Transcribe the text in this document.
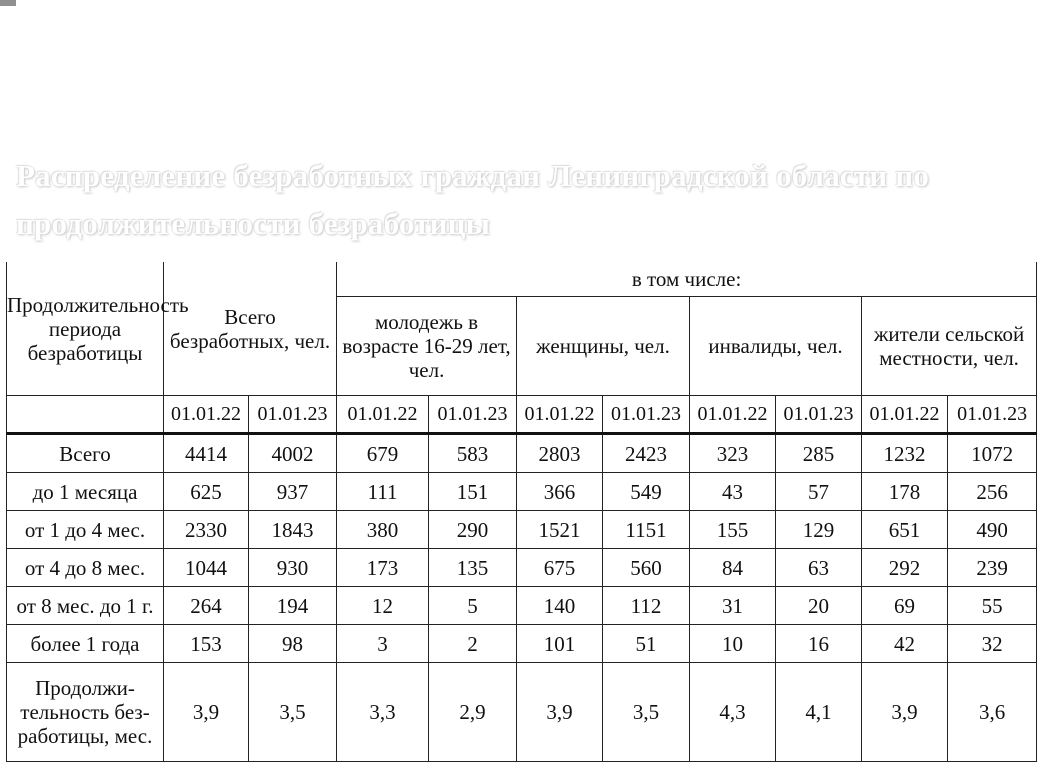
Распределение безработных граждан Ленинградской области по продолжительности безработицы
Продолжительность периода безработицы	Всего безработных, чел.		в том числе:							
			молодежь в возрасте 16-29 лет, чел.		женщины, чел.		инвалиды, чел.		жители сельской местности, чел.	
	01.01.22	01.01.23	01.01.22	01.01.23	01.01.22	01.01.23	01.01.22	01.01.23	01.01.22	01.01.23
Всего	4414	4002	679	583	2803	2423	323	285	1232	1072
до 1 месяца	625	937	111	151	366	549	43	57	178	256
от 1 до 4 мес.	2330	1843	380	290	1521	1151	155	129	651	490
от 4 до 8 мес.	1044	930	173	135	675	560	84	63	292	239
от 8 мес. до 1 г.	264	194	12	5	140	112	31	20	69	55
более 1 года	153	98	3	2	101	51	10	16	42	32
Продолжи-тельность без-работицы, мес.	3,9	3,5	3,3	2,9	3,9	3,5	4,3	4,1	3,9	3,6
